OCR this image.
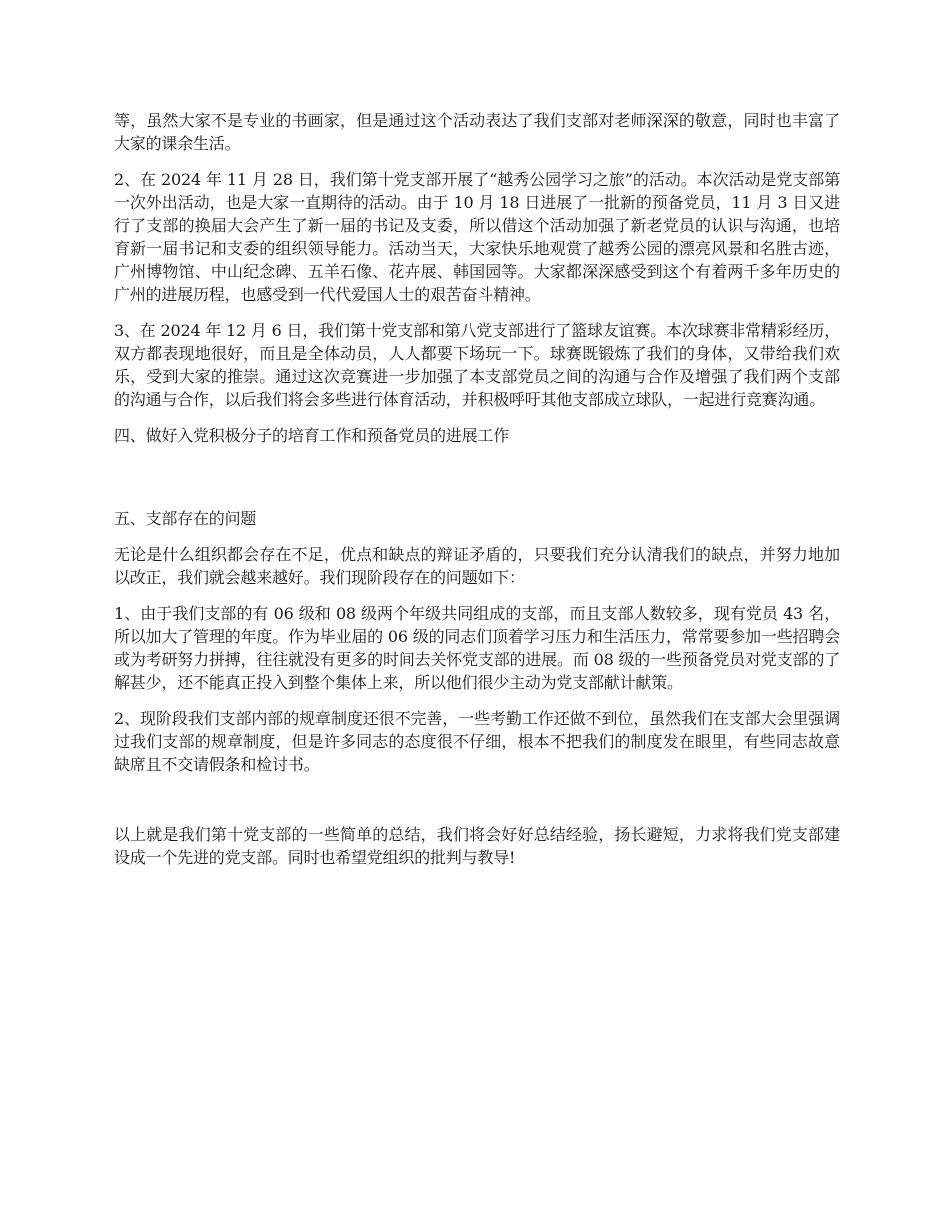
等，虽然大家不是专业的书画家，但是通过这个活动表达了我们支部对老师深深的敬意，同时也丰富了大家的课余生活。

2、在 2024 年 11 月 28 日，我们第十党支部开展了“越秀公园学习之旅”的活动。本次活动是党支部第一次外出活动，也是大家一直期待的活动。由于 10 月 18 日进展了一批新的预备党员，11 月 3 日又进行了支部的换届大会产生了新一届的书记及支委，所以借这个活动加强了新老党员的认识与沟通，也培育新一届书记和支委的组织领导能力。活动当天，大家快乐地观赏了越秀公园的漂亮风景和名胜古迹，广州博物馆、中山纪念碑、五羊石像、花卉展、韩国园等。大家都深深感受到这个有着两千多年历史的广州的进展历程，也感受到一代代爱国人士的艰苦奋斗精神。

3、在 2024 年 12 月 6 日，我们第十党支部和第八党支部进行了篮球友谊赛。本次球赛非常精彩经历，双方都表现地很好，而且是全体动员，人人都要下场玩一下。球赛既锻炼了我们的身体，又带给我们欢乐，受到大家的推崇。通过这次竞赛进一步加强了本支部党员之间的沟通与合作及增强了我们两个支部的沟通与合作，以后我们将会多些进行体育活动，并积极呼吁其他支部成立球队，一起进行竞赛沟通。

四、做好入党积极分子的培育工作和预备党员的进展工作

五、支部存在的问题

无论是什么组织都会存在不足，优点和缺点的辩证矛盾的，只要我们充分认清我们的缺点，并努力地加以改正，我们就会越来越好。我们现阶段存在的问题如下：

1、由于我们支部的有 06 级和 08 级两个年级共同组成的支部，而且支部人数较多，现有党员 43 名，所以加大了管理的年度。作为毕业届的 06 级的同志们顶着学习压力和生活压力，常常要参加一些招聘会或为考研努力拼搏，往往就没有更多的时间去关怀党支部的进展。而 08 级的一些预备党员对党支部的了解甚少，还不能真正投入到整个集体上来，所以他们很少主动为党支部献计献策。

2、现阶段我们支部内部的规章制度还很不完善，一些考勤工作还做不到位，虽然我们在支部大会里强调过我们支部的规章制度，但是许多同志的态度很不仔细，根本不把我们的制度发在眼里，有些同志故意缺席且不交请假条和检讨书。

以上就是我们第十党支部的一些简单的总结，我们将会好好总结经验，扬长避短，力求将我们党支部建设成一个先进的党支部。同时也希望党组织的批判与教导!
